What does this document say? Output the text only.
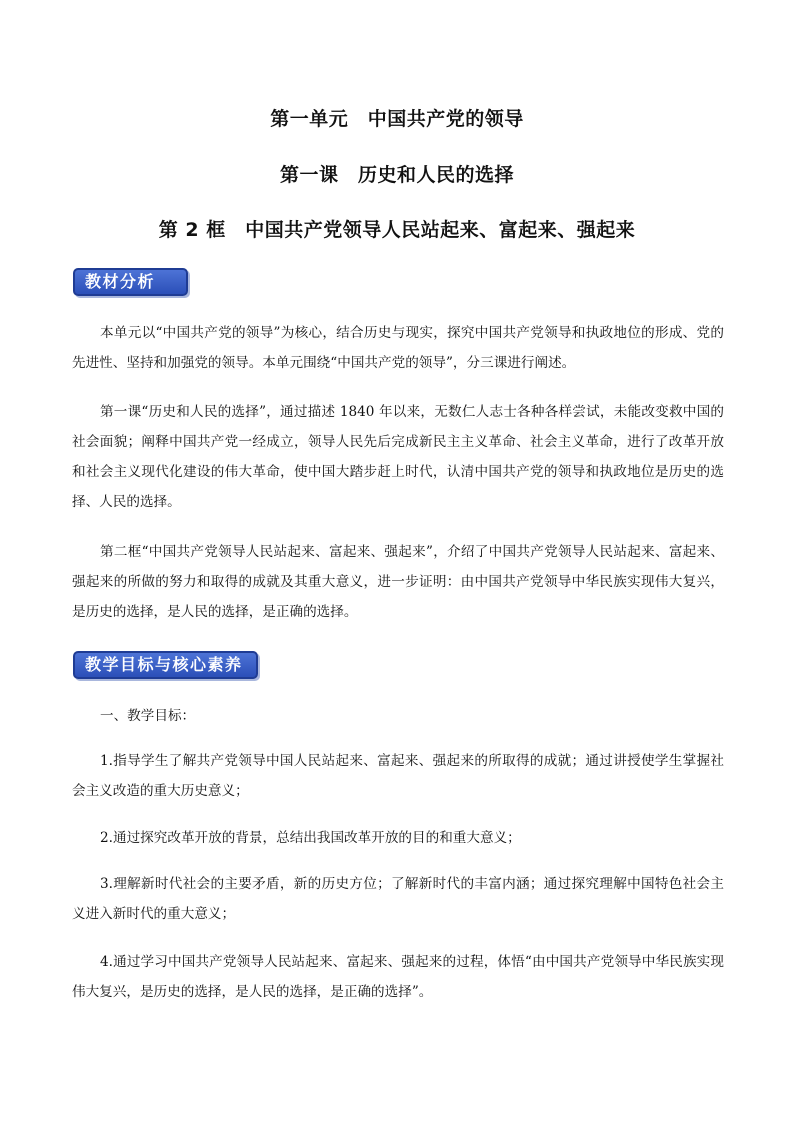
第一单元　中国共产党的领导
第一课　历史和人民的选择
第 2 框　中国共产党领导人民站起来、富起来、强起来
教材分析

本单元以“中国共产党的领导”为核心，结合历史与现实，探究中国共产党领导和执政地位的形成、党的先进性、坚持和加强党的领导。本单元围绕“中国共产党的领导”，分三课进行阐述。

第一课“历史和人民的选择”，通过描述 1840 年以来，无数仁人志士各种各样尝试，未能改变救中国的社会面貌；阐释中国共产党一经成立，领导人民先后完成新民主主义革命、社会主义革命，进行了改革开放和社会主义现代化建设的伟大革命，使中国大踏步赶上时代，认清中国共产党的领导和执政地位是历史的选择、人民的选择。

第二框“中国共产党领导人民站起来、富起来、强起来”，介绍了中国共产党领导人民站起来、富起来、强起来的所做的努力和取得的成就及其重大意义，进一步证明：由中国共产党领导中华民族实现伟大复兴，是历史的选择，是人民的选择，是正确的选择。

教学目标与核心素养

一、教学目标：

1.指导学生了解共产党领导中国人民站起来、富起来、强起来的所取得的成就；通过讲授使学生掌握社会主义改造的重大历史意义；

2.通过探究改革开放的背景，总结出我国改革开放的目的和重大意义；

3.理解新时代社会的主要矛盾，新的历史方位；了解新时代的丰富内涵；通过探究理解中国特色社会主义进入新时代的重大意义；

4.通过学习中国共产党领导人民站起来、富起来、强起来的过程，体悟“由中国共产党领导中华民族实现伟大复兴，是历史的选择，是人民的选择，是正确的选择”。
